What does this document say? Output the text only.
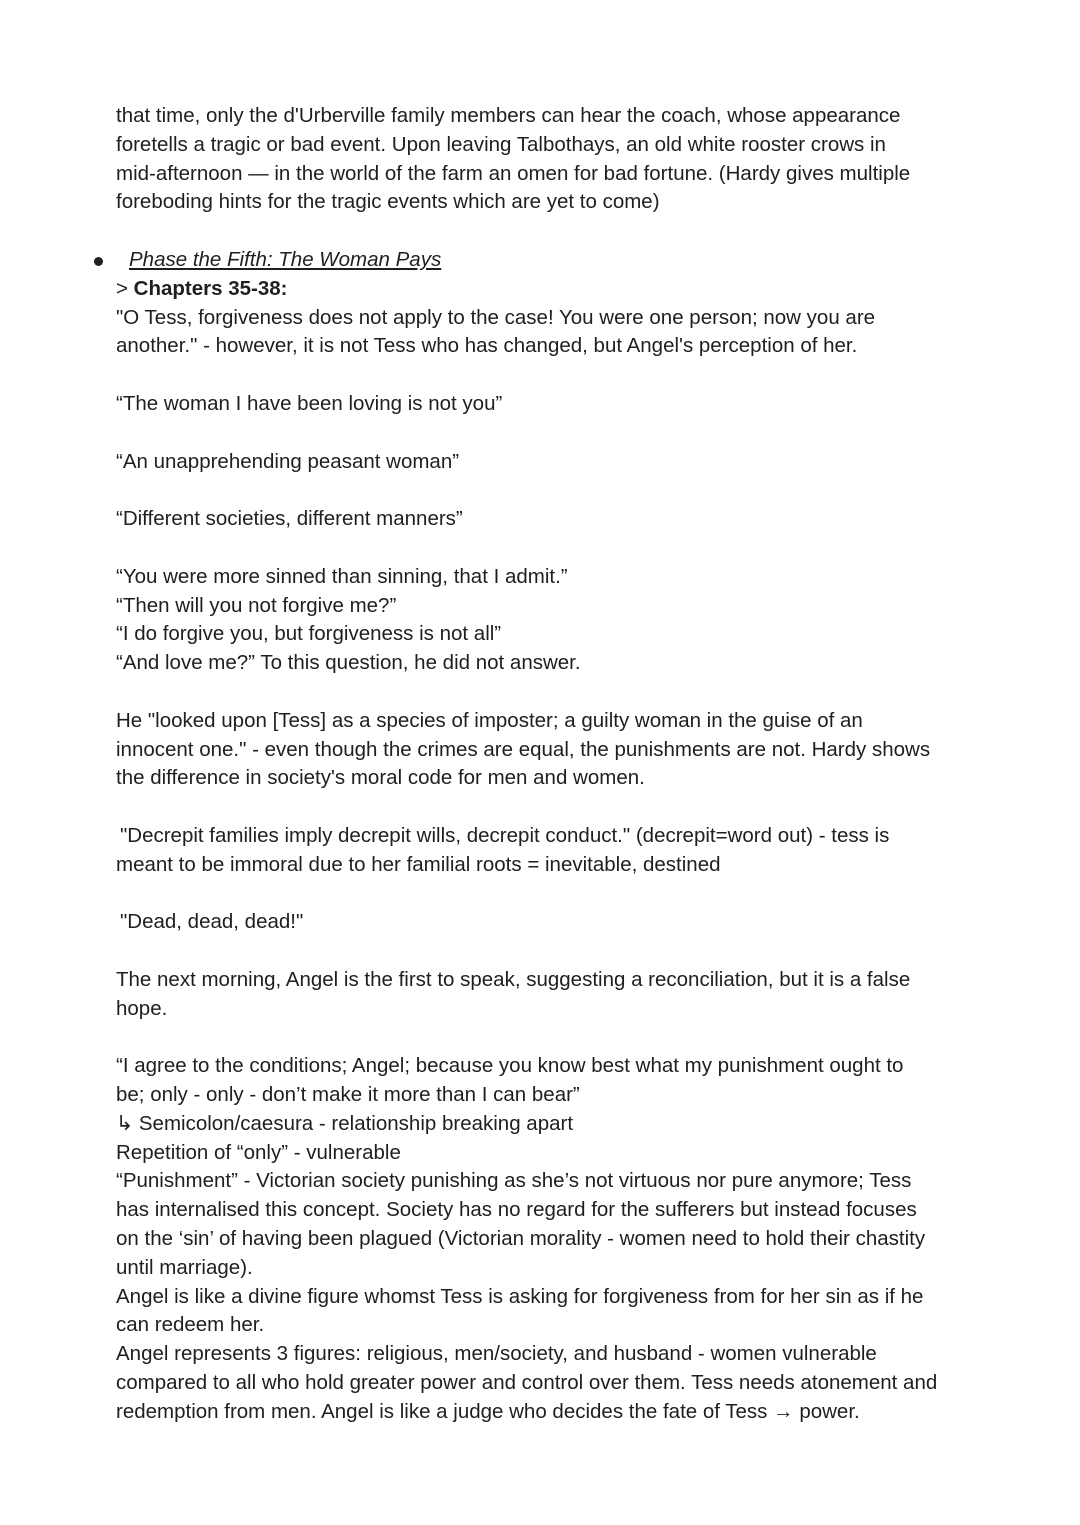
that time, only the d'Urberville family members can hear the coach, whose appearance

foretells a tragic or bad event. Upon leaving Talbothays, an old white rooster crows in

mid-afternoon — in the world of the farm an omen for bad fortune. (Hardy gives multiple

foreboding hints for the tragic events which are yet to come)

Phase the Fifth: The Woman Pays

> Chapters 35-38:

"O Tess, forgiveness does not apply to the case! You were one person; now you are

another." - however, it is not Tess who has changed, but Angel's perception of her.

“The woman I have been loving is not you”

“An unapprehending peasant woman”

“Different societies, different manners”

“You were more sinned than sinning, that I admit.”

“Then will you not forgive me?”

“I do forgive you, but forgiveness is not all”

“And love me?” To this question, he did not answer.

He "looked upon [Tess] as a species of imposter; a guilty woman in the guise of an

innocent one." - even though the crimes are equal, the punishments are not. Hardy shows

the difference in society's moral code for men and women.

"Decrepit families imply decrepit wills, decrepit conduct." (decrepit=word out) - tess is

meant to be immoral due to her familial roots = inevitable, destined

"Dead, dead, dead!"

The next morning, Angel is the first to speak, suggesting a reconciliation, but it is a false

hope.

“I agree to the conditions; Angel; because you know best what my punishment ought to

be; only - only - don’t make it more than I can bear”

↳ Semicolon/caesura - relationship breaking apart

Repetition of “only” - vulnerable

“Punishment” - Victorian society punishing as she’s not virtuous nor pure anymore; Tess

has internalised this concept. Society has no regard for the sufferers but instead focuses

on the ‘sin’ of having been plagued (Victorian morality - women need to hold their chastity

until marriage).

Angel is like a divine figure whomst Tess is asking for forgiveness from for her sin as if he

can redeem her.

Angel represents 3 figures: religious, men/society, and husband - women vulnerable

compared to all who hold greater power and control over them. Tess needs atonement and

redemption from men. Angel is like a judge who decides the fate of Tess → power.
